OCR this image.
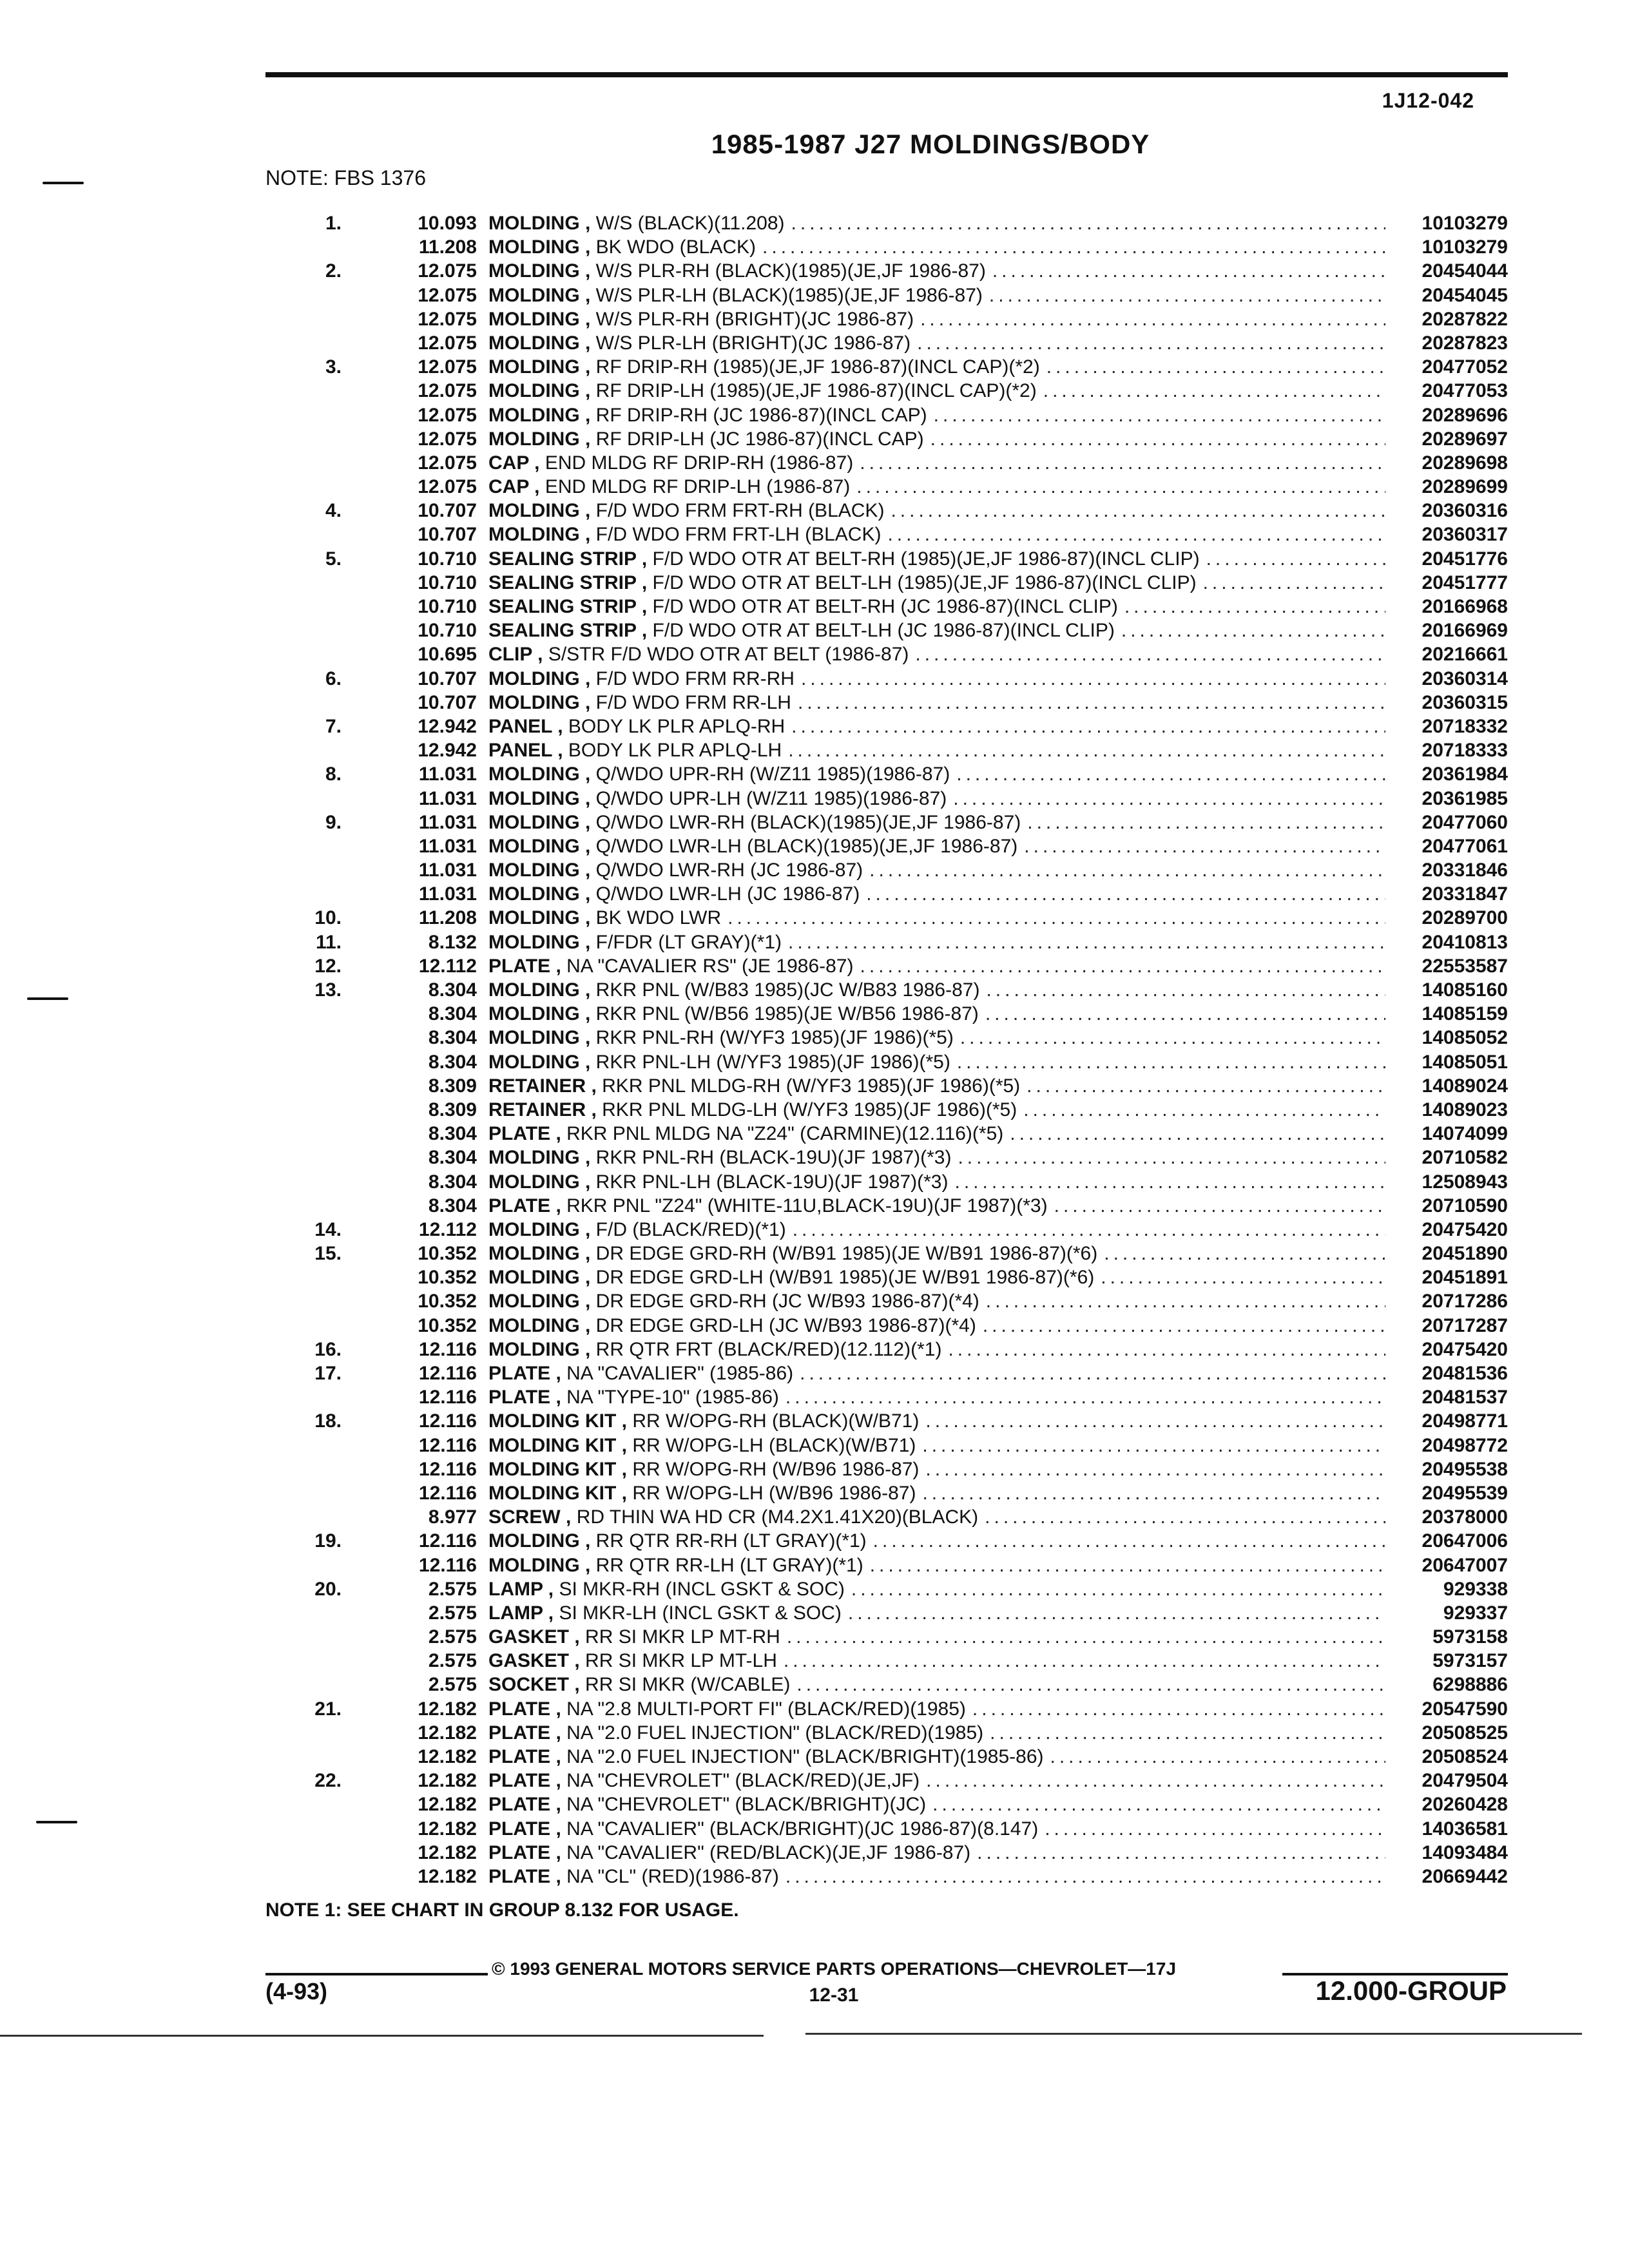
1J12-042
1985-1987 J27 MOLDINGS/BODY
NOTE: FBS 1376
1.	10.093 MOLDING , W/S (BLACK)(11.208) .....	10103279
11.208 MOLDING , BK WDO (BLACK) .....	10103279
2.	12.075 MOLDING , W/S PLR-RH (BLACK)(1985)(JE,JF 1986-87) .....	20454044
12.075 MOLDING , W/S PLR-LH (BLACK)(1985)(JE,JF 1986-87) .....	20454045
12.075 MOLDING , W/S PLR-RH (BRIGHT)(JC 1986-87) .....	20287822
12.075 MOLDING , W/S PLR-LH (BRIGHT)(JC 1986-87) .....	20287823
3.	12.075 MOLDING , RF DRIP-RH (1985)(JE,JF 1986-87)(INCL CAP)(*2) .....	20477052
12.075 MOLDING , RF DRIP-LH (1985)(JE,JF 1986-87)(INCL CAP)(*2) .....	20477053
12.075 MOLDING , RF DRIP-RH (JC 1986-87)(INCL CAP) .....	20289696
12.075 MOLDING , RF DRIP-LH (JC 1986-87)(INCL CAP) .....	20289697
12.075 CAP , END MLDG RF DRIP-RH (1986-87) .....	20289698
12.075 CAP , END MLDG RF DRIP-LH (1986-87) .....	20289699
4.	10.707 MOLDING , F/D WDO FRM FRT-RH (BLACK) .....	20360316
10.707 MOLDING , F/D WDO FRM FRT-LH (BLACK) .....	20360317
5.	10.710 SEALING STRIP , F/D WDO OTR AT BELT-RH (1985)(JE,JF 1986-87)(INCL CLIP) .....	20451776
10.710 SEALING STRIP , F/D WDO OTR AT BELT-LH (1985)(JE,JF 1986-87)(INCL CLIP) .....	20451777
10.710 SEALING STRIP , F/D WDO OTR AT BELT-RH (JC 1986-87)(INCL CLIP) .....	20166968
10.710 SEALING STRIP , F/D WDO OTR AT BELT-LH (JC 1986-87)(INCL CLIP) .....	20166969
10.695 CLIP , S/STR F/D WDO OTR AT BELT (1986-87) .....	20216661
6.	10.707 MOLDING , F/D WDO FRM RR-RH .....	20360314
10.707 MOLDING , F/D WDO FRM RR-LH .....	20360315
7.	12.942 PANEL , BODY LK PLR APLQ-RH .....	20718332
12.942 PANEL , BODY LK PLR APLQ-LH .....	20718333
8.	11.031 MOLDING , Q/WDO UPR-RH (W/Z11 1985)(1986-87) .....	20361984
11.031 MOLDING , Q/WDO UPR-LH (W/Z11 1985)(1986-87) .....	20361985
9.	11.031 MOLDING , Q/WDO LWR-RH (BLACK)(1985)(JE,JF 1986-87) .....	20477060
11.031 MOLDING , Q/WDO LWR-LH (BLACK)(1985)(JE,JF 1986-87) .....	20477061
11.031 MOLDING , Q/WDO LWR-RH (JC 1986-87) .....	20331846
11.031 MOLDING , Q/WDO LWR-LH (JC 1986-87) .....	20331847
10.	11.208 MOLDING , BK WDO LWR .....	20289700
11.	8.132 MOLDING , F/FDR (LT GRAY)(*1) .....	20410813
12.	12.112 PLATE , NA "CAVALIER RS" (JE 1986-87) .....	22553587
13.	8.304 MOLDING , RKR PNL (W/B83 1985)(JC W/B83 1986-87) .....	14085160
8.304 MOLDING , RKR PNL (W/B56 1985)(JE W/B56 1986-87) .....	14085159
8.304 MOLDING , RKR PNL-RH (W/YF3 1985)(JF 1986)(*5) .....	14085052
8.304 MOLDING , RKR PNL-LH (W/YF3 1985)(JF 1986)(*5) .....	14085051
8.309 RETAINER , RKR PNL MLDG-RH (W/YF3 1985)(JF 1986)(*5) .....	14089024
8.309 RETAINER , RKR PNL MLDG-LH (W/YF3 1985)(JF 1986)(*5) .....	14089023
8.304 PLATE , RKR PNL MLDG NA "Z24" (CARMINE)(12.116)(*5) .....	14074099
8.304 MOLDING , RKR PNL-RH (BLACK-19U)(JF 1987)(*3) .....	20710582
8.304 MOLDING , RKR PNL-LH (BLACK-19U)(JF 1987)(*3) .....	12508943
8.304 PLATE , RKR PNL "Z24" (WHITE-11U,BLACK-19U)(JF 1987)(*3) .....	20710590
14.	12.112 MOLDING , F/D (BLACK/RED)(*1) .....	20475420
15.	10.352 MOLDING , DR EDGE GRD-RH (W/B91 1985)(JE W/B91 1986-87)(*6) .....	20451890
10.352 MOLDING , DR EDGE GRD-LH (W/B91 1985)(JE W/B91 1986-87)(*6) .....	20451891
10.352 MOLDING , DR EDGE GRD-RH (JC W/B93 1986-87)(*4) .....	20717286
10.352 MOLDING , DR EDGE GRD-LH (JC W/B93 1986-87)(*4) .....	20717287
16.	12.116 MOLDING , RR QTR FRT (BLACK/RED)(12.112)(*1) .....	20475420
17.	12.116 PLATE , NA "CAVALIER" (1985-86) .....	20481536
12.116 PLATE , NA "TYPE-10" (1985-86) .....	20481537
18.	12.116 MOLDING KIT , RR W/OPG-RH (BLACK)(W/B71) .....	20498771
12.116 MOLDING KIT , RR W/OPG-LH (BLACK)(W/B71) .....	20498772
12.116 MOLDING KIT , RR W/OPG-RH (W/B96 1986-87) .....	20495538
12.116 MOLDING KIT , RR W/OPG-LH (W/B96 1986-87) .....	20495539
8.977 SCREW , RD THIN WA HD CR (M4.2X1.41X20)(BLACK) .....	20378000
19.	12.116 MOLDING , RR QTR RR-RH (LT GRAY)(*1) .....	20647006
12.116 MOLDING , RR QTR RR-LH (LT GRAY)(*1) .....	20647007
20.	2.575 LAMP , SI MKR-RH (INCL GSKT & SOC) .....	929338
2.575 LAMP , SI MKR-LH (INCL GSKT & SOC) .....	929337
2.575 GASKET , RR SI MKR LP MT-RH .....	5973158
2.575 GASKET , RR SI MKR LP MT-LH .....	5973157
2.575 SOCKET , RR SI MKR (W/CABLE) .....	6298886
21.	12.182 PLATE , NA "2.8 MULTI-PORT FI" (BLACK/RED)(1985) .....	20547590
12.182 PLATE , NA "2.0 FUEL INJECTION" (BLACK/RED)(1985) .....	20508525
12.182 PLATE , NA "2.0 FUEL INJECTION" (BLACK/BRIGHT)(1985-86) .....	20508524
22.	12.182 PLATE , NA "CHEVROLET" (BLACK/RED)(JE,JF) .....	20479504
12.182 PLATE , NA "CHEVROLET" (BLACK/BRIGHT)(JC) .....	20260428
12.182 PLATE , NA "CAVALIER" (BLACK/BRIGHT)(JC 1986-87)(8.147) .....	14036581
12.182 PLATE , NA "CAVALIER" (RED/BLACK)(JE,JF 1986-87) .....	14093484
12.182 PLATE , NA "CL" (RED)(1986-87) .....	20669442
NOTE 1: SEE CHART IN GROUP 8.132 FOR USAGE.
© 1993 GENERAL MOTORS SERVICE PARTS OPERATIONS—CHEVROLET—17J
(4-93)	12-31	12.000-GROUP
